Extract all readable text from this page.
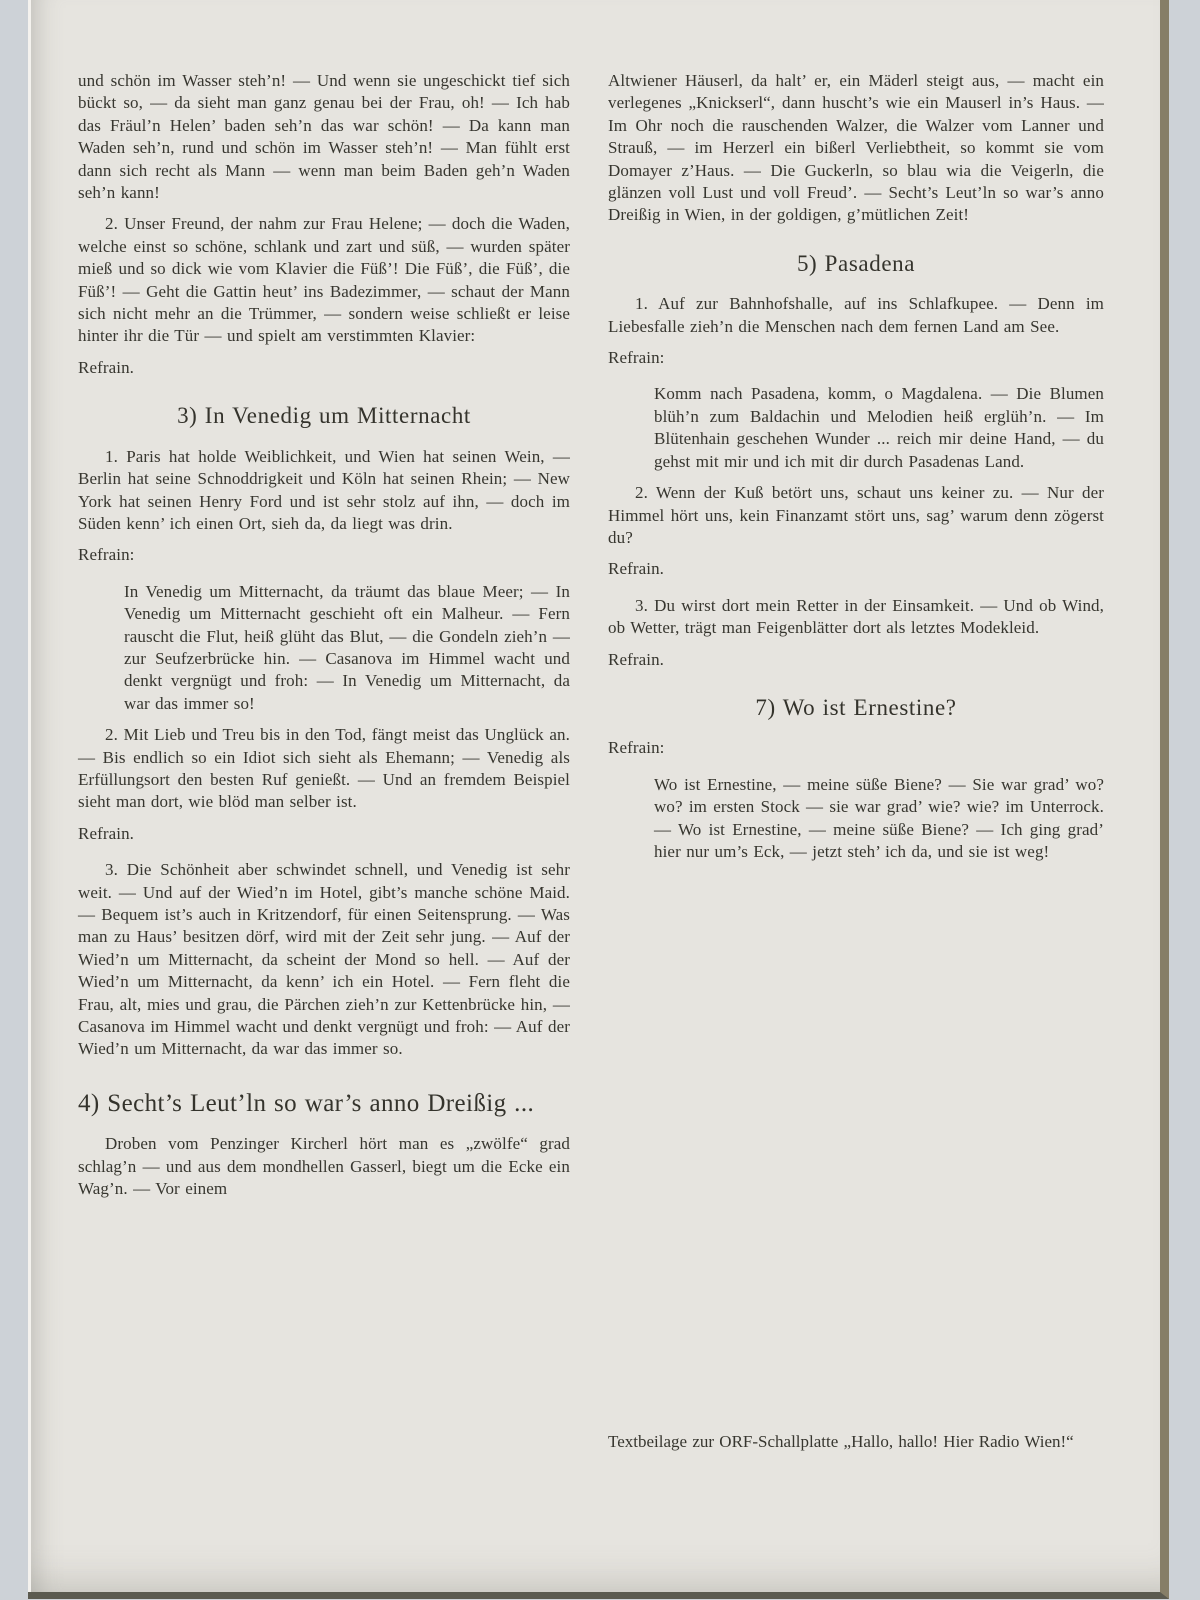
und schön im Wasser steh’n! — Und wenn sie ungeschickt tief sich bückt so, — da sieht man ganz genau bei der Frau, oh! — Ich hab das Fräul’n Helen’ baden seh’n das war schön! — Da kann man Waden seh’n, rund und schön im Wasser steh’n! — Man fühlt erst dann sich recht als Mann — wenn man beim Baden geh’n Waden seh’n kann!

2. Unser Freund, der nahm zur Frau Helene; — doch die Waden, welche einst so schöne, schlank und zart und süß, — wurden später mieß und so dick wie vom Klavier die Füß’! Die Füß’, die Füß’, die Füß’! — Geht die Gattin heut’ ins Badezimmer, — schaut der Mann sich nicht mehr an die Trümmer, — sondern weise schließt er leise hinter ihr die Tür — und spielt am verstimmten Klavier:

Refrain.

3) In Venedig um Mitternacht

1. Paris hat holde Weiblichkeit, und Wien hat seinen Wein, — Berlin hat seine Schnoddrigkeit und Köln hat seinen Rhein; — New York hat seinen Henry Ford und ist sehr stolz auf ihn, — doch im Süden kenn’ ich einen Ort, sieh da, da liegt was drin.

Refrain:

In Venedig um Mitternacht, da träumt das blaue Meer; — In Venedig um Mitternacht geschieht oft ein Malheur. — Fern rauscht die Flut, heiß glüht das Blut, — die Gondeln zieh’n — zur Seufzerbrücke hin. — Casanova im Himmel wacht und denkt vergnügt und froh: — In Venedig um Mitternacht, da war das immer so!

2. Mit Lieb und Treu bis in den Tod, fängt meist das Unglück an. — Bis endlich so ein Idiot sich sieht als Ehemann; — Venedig als Erfüllungsort den besten Ruf genießt. — Und an fremdem Beispiel sieht man dort, wie blöd man selber ist.

Refrain.

3. Die Schönheit aber schwindet schnell, und Venedig ist sehr weit. — Und auf der Wied’n im Hotel, gibt’s manche schöne Maid. — Bequem ist’s auch in Kritzendorf, für einen Seitensprung. — Was man zu Haus’ besitzen dörf, wird mit der Zeit sehr jung. — Auf der Wied’n um Mitternacht, da scheint der Mond so hell. — Auf der Wied’n um Mitternacht, da kenn’ ich ein Hotel. — Fern fleht die Frau, alt, mies und grau, die Pärchen zieh’n zur Kettenbrücke hin, — Casanova im Himmel wacht und denkt vergnügt und froh: — Auf der Wied’n um Mitternacht, da war das immer so.

4) Secht’s Leut’ln so war’s anno Dreißig ...

Droben vom Penzinger Kircherl hört man es „zwölfe“ grad schlag’n — und aus dem mondhellen Gasserl, biegt um die Ecke ein Wag’n. — Vor einem

Altwiener Häuserl, da halt’ er, ein Mäderl steigt aus, — macht ein verlegenes „Knickserl“, dann huscht’s wie ein Mauserl in’s Haus. — Im Ohr noch die rauschenden Walzer, die Walzer vom Lanner und Strauß, — im Herzerl ein bißerl Verliebtheit, so kommt sie vom Domayer z’Haus. — Die Guckerln, so blau wia die Veigerln, die glänzen voll Lust und voll Freud’. — Secht’s Leut’ln so war’s anno Dreißig in Wien, in der goldigen, g’mütlichen Zeit!

5) Pasadena

1. Auf zur Bahnhofshalle, auf ins Schlafkupee. — Denn im Liebesfalle zieh’n die Menschen nach dem fernen Land am See.

Refrain:

Komm nach Pasadena, komm, o Magdalena. — Die Blumen blüh’n zum Baldachin und Melodien heiß erglüh’n. — Im Blütenhain geschehen Wunder ... reich mir deine Hand, — du gehst mit mir und ich mit dir durch Pasadenas Land.

2. Wenn der Kuß betört uns, schaut uns keiner zu. — Nur der Himmel hört uns, kein Finanzamt stört uns, sag’ warum denn zögerst du?

Refrain.

3. Du wirst dort mein Retter in der Einsamkeit. — Und ob Wind, ob Wetter, trägt man Feigenblätter dort als letztes Modekleid.

Refrain.

7) Wo ist Ernestine?

Refrain:

Wo ist Ernestine, — meine süße Biene? — Sie war grad’ wo? wo? im ersten Stock — sie war grad’ wie? wie? im Unterrock. — Wo ist Ernestine, — meine süße Biene? — Ich ging grad’ hier nur um’s Eck, — jetzt steh’ ich da, und sie ist weg!

Textbeilage zur ORF-Schallplatte „Hallo, hallo! Hier Radio Wien!“
